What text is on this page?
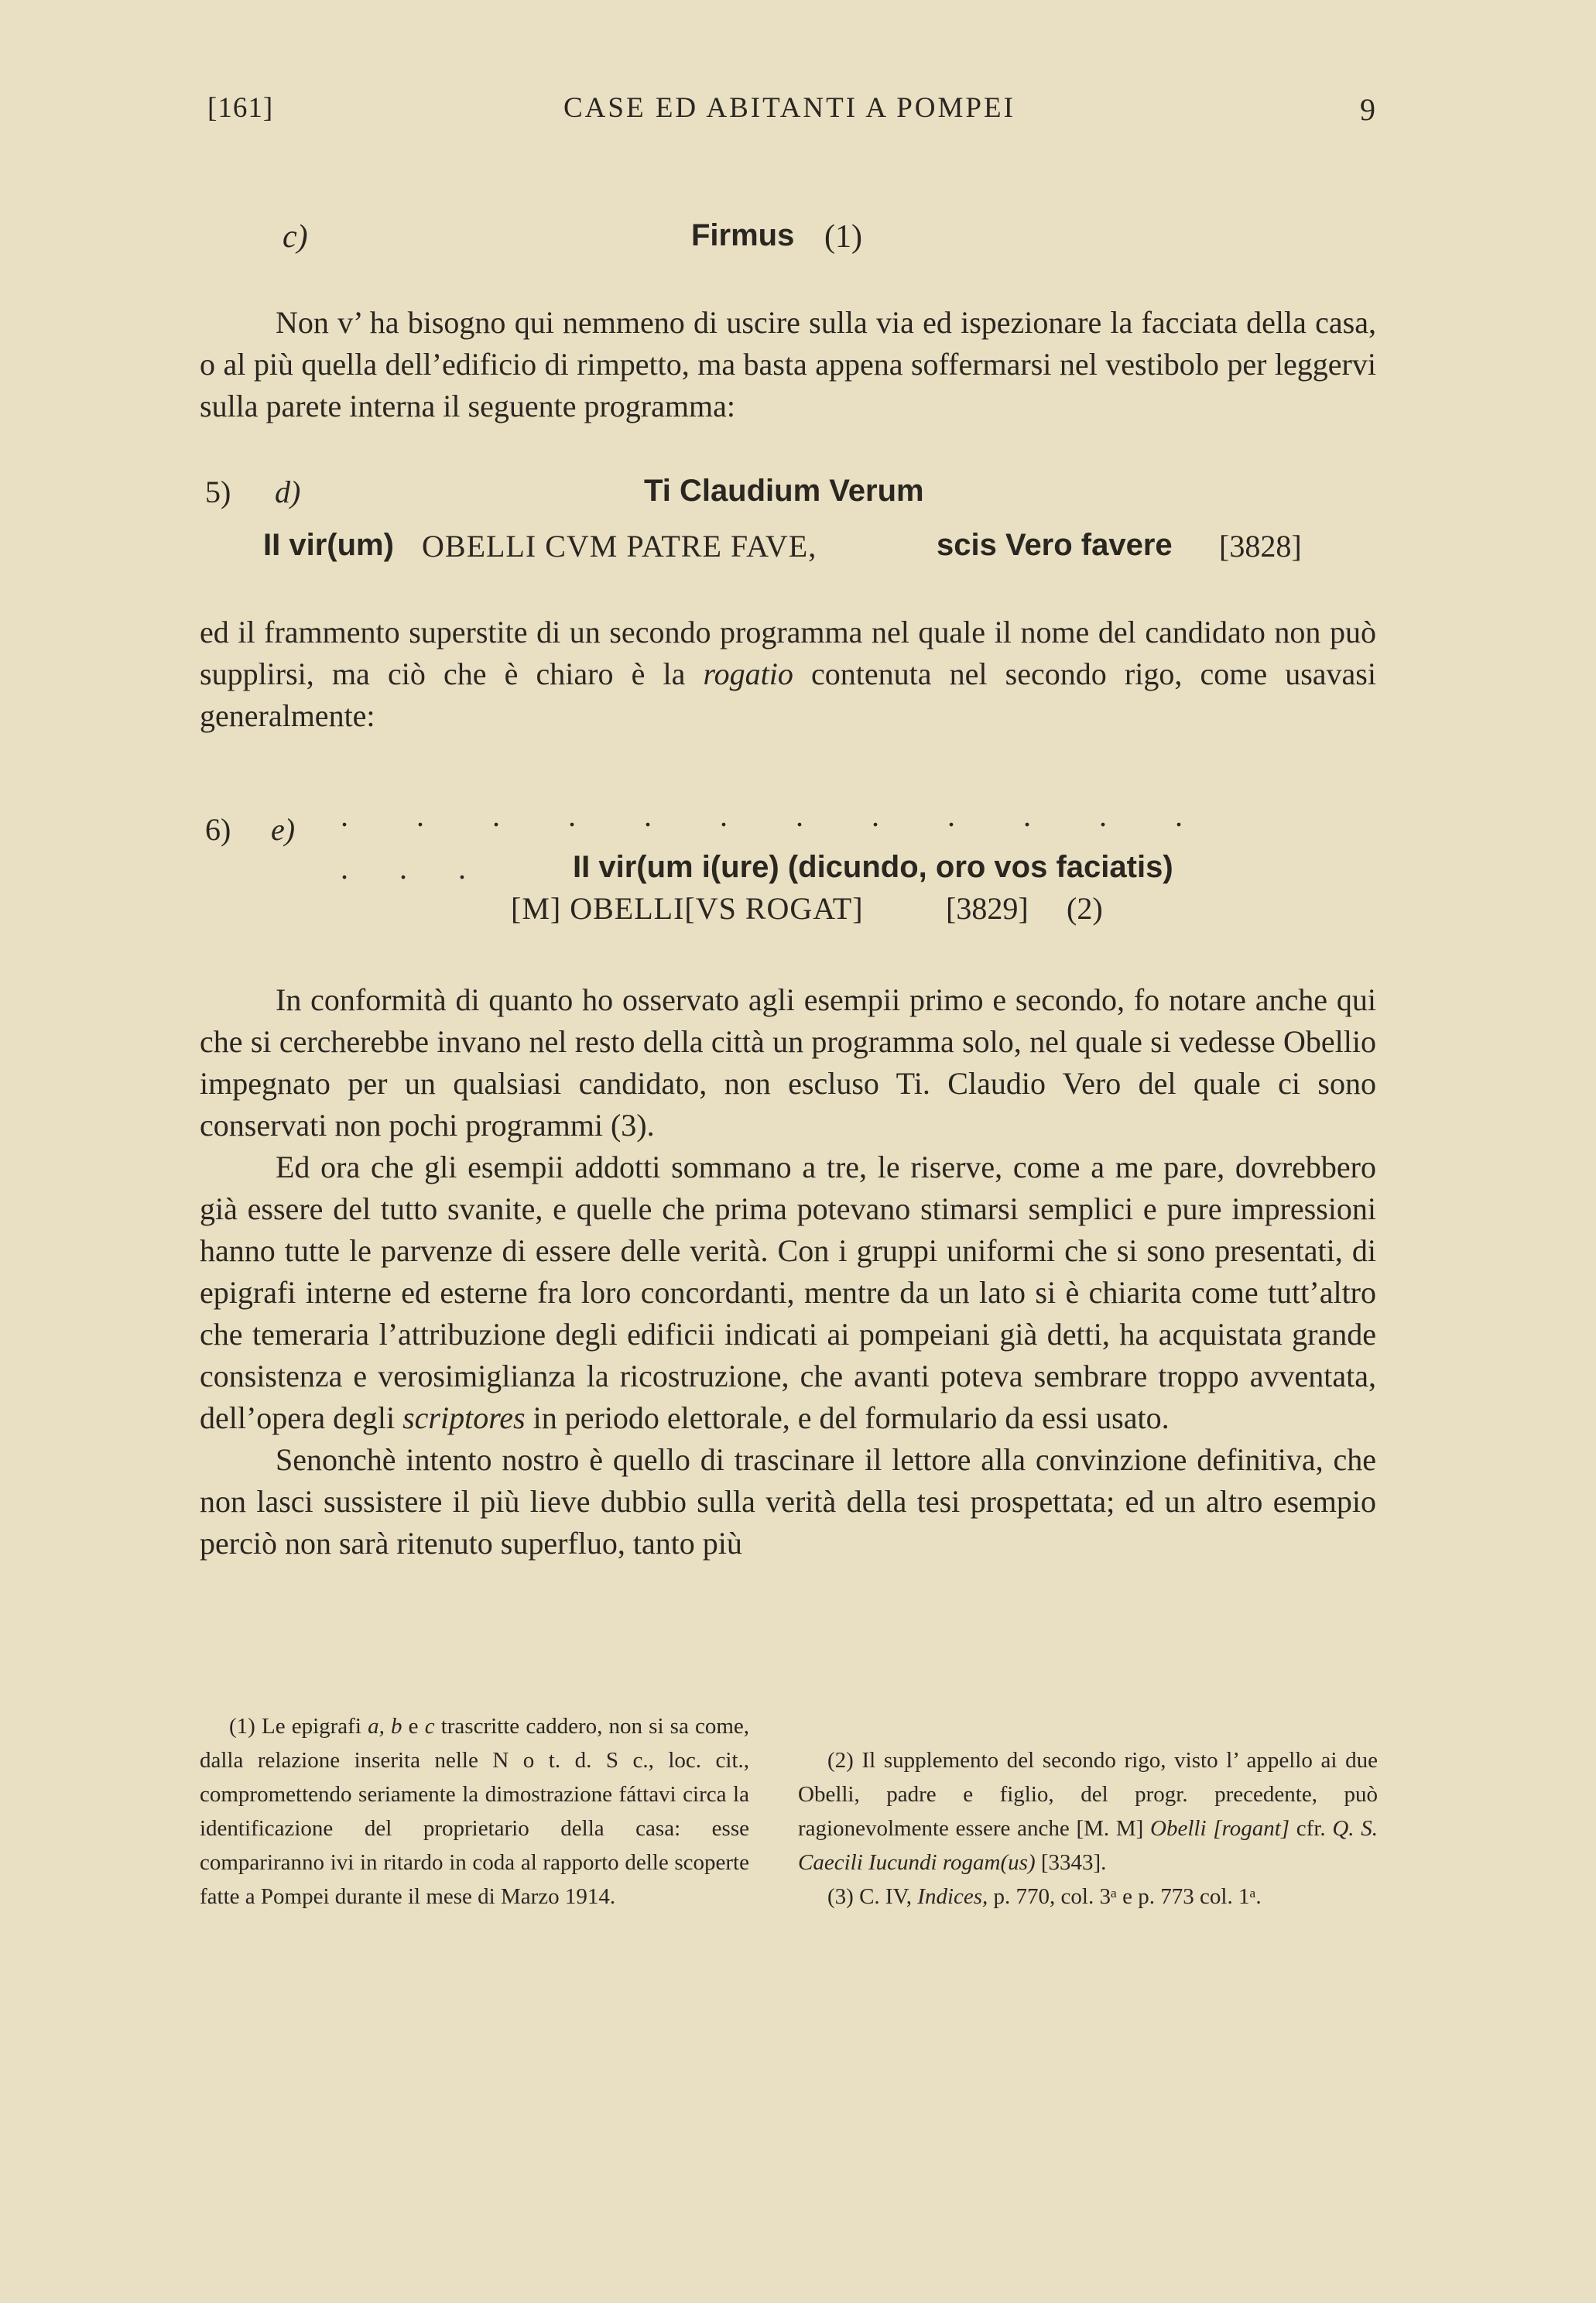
[161]	CASE ED ABITANTI A POMPEI	9
c)	Firmus (1)

Non v’ ha bisogno qui nemmeno di uscire sulla via ed ispezionare la facciata della casa, o al più quella dell’edificio di rimpetto, ma basta appena soffermarsi nel vestibolo per leggervi sulla parete interna il seguente programma:

5) d)	Ti Claudium Verum
II vir(um) OBELLI CVM PATRE FAVE,	scis Vero favere [3828]

ed il frammento superstite di un secondo programma nel quale il nome del candidato non può supplirsi, ma ciò che è chiaro è la rogatio contenuta nel secondo rigo, come usavasi generalmente:

. . . . . . . . . . . .
6) e)
. . .	II vir(um i(ure) (dicundo, oro vos faciatis)
[M] OBELLI[VS ROGAT]	[3829] (2)

In conformità di quanto ho osservato agli esempii primo e secondo, fo notare anche qui che si cercherebbe invano nel resto della città un programma solo, nel quale si vedesse Obellio impegnato per un qualsiasi candidato, non escluso Ti. Claudio Vero del quale ci sono conservati non pochi programmi (3).

Ed ora che gli esempii addotti sommano a tre, le riserve, come a me pare, dovrebbero già essere del tutto svanite, e quelle che prima potevano stimarsi semplici e pure impressioni hanno tutte le parvenze di essere delle verità. Con i gruppi uniformi che si sono presentati, di epigrafi interne ed esterne fra loro concordanti, mentre da un lato si è chiarita come tutt’altro che temeraria l’attribuzione degli edificii indicati ai pompeiani già detti, ha acquistata grande consistenza e verosimiglianza la ricostruzione, che avanti poteva sembrare troppo avventata, dell’opera degli scriptores in periodo elettorale, e del formulario da essi usato.

Senonchè intento nostro è quello di trascinare il lettore alla convinzione definitiva, che non lasci sussistere il più lieve dubbio sulla verità della tesi prospettata; ed un altro esempio perciò non sarà ritenuto superfluo, tanto più

(1) Le epigrafi a, b e c trascritte caddero, non si sa come, dalla relazione inserita nelle N o t. d. S c., loc. cit., compromettendo seriamente la dimostrazione fáttavi circa la identificazione del proprietario della casa: esse compariranno ivi in ritardo in coda al rapporto delle scoperte fatte a Pompei durante il mese di Marzo 1914.

(2) Il supplemento del secondo rigo, visto l’ appello ai due Obelli, padre e figlio, del progr. precedente, può ragionevolmente essere anche [M. M] Obelli [rogant] cfr. Q. S. Caecili Iucundi rogam(us) [3343].

(3) C. IV, Indices, p. 770, col. 3ᵃ e p. 773 col. 1ᵃ.
